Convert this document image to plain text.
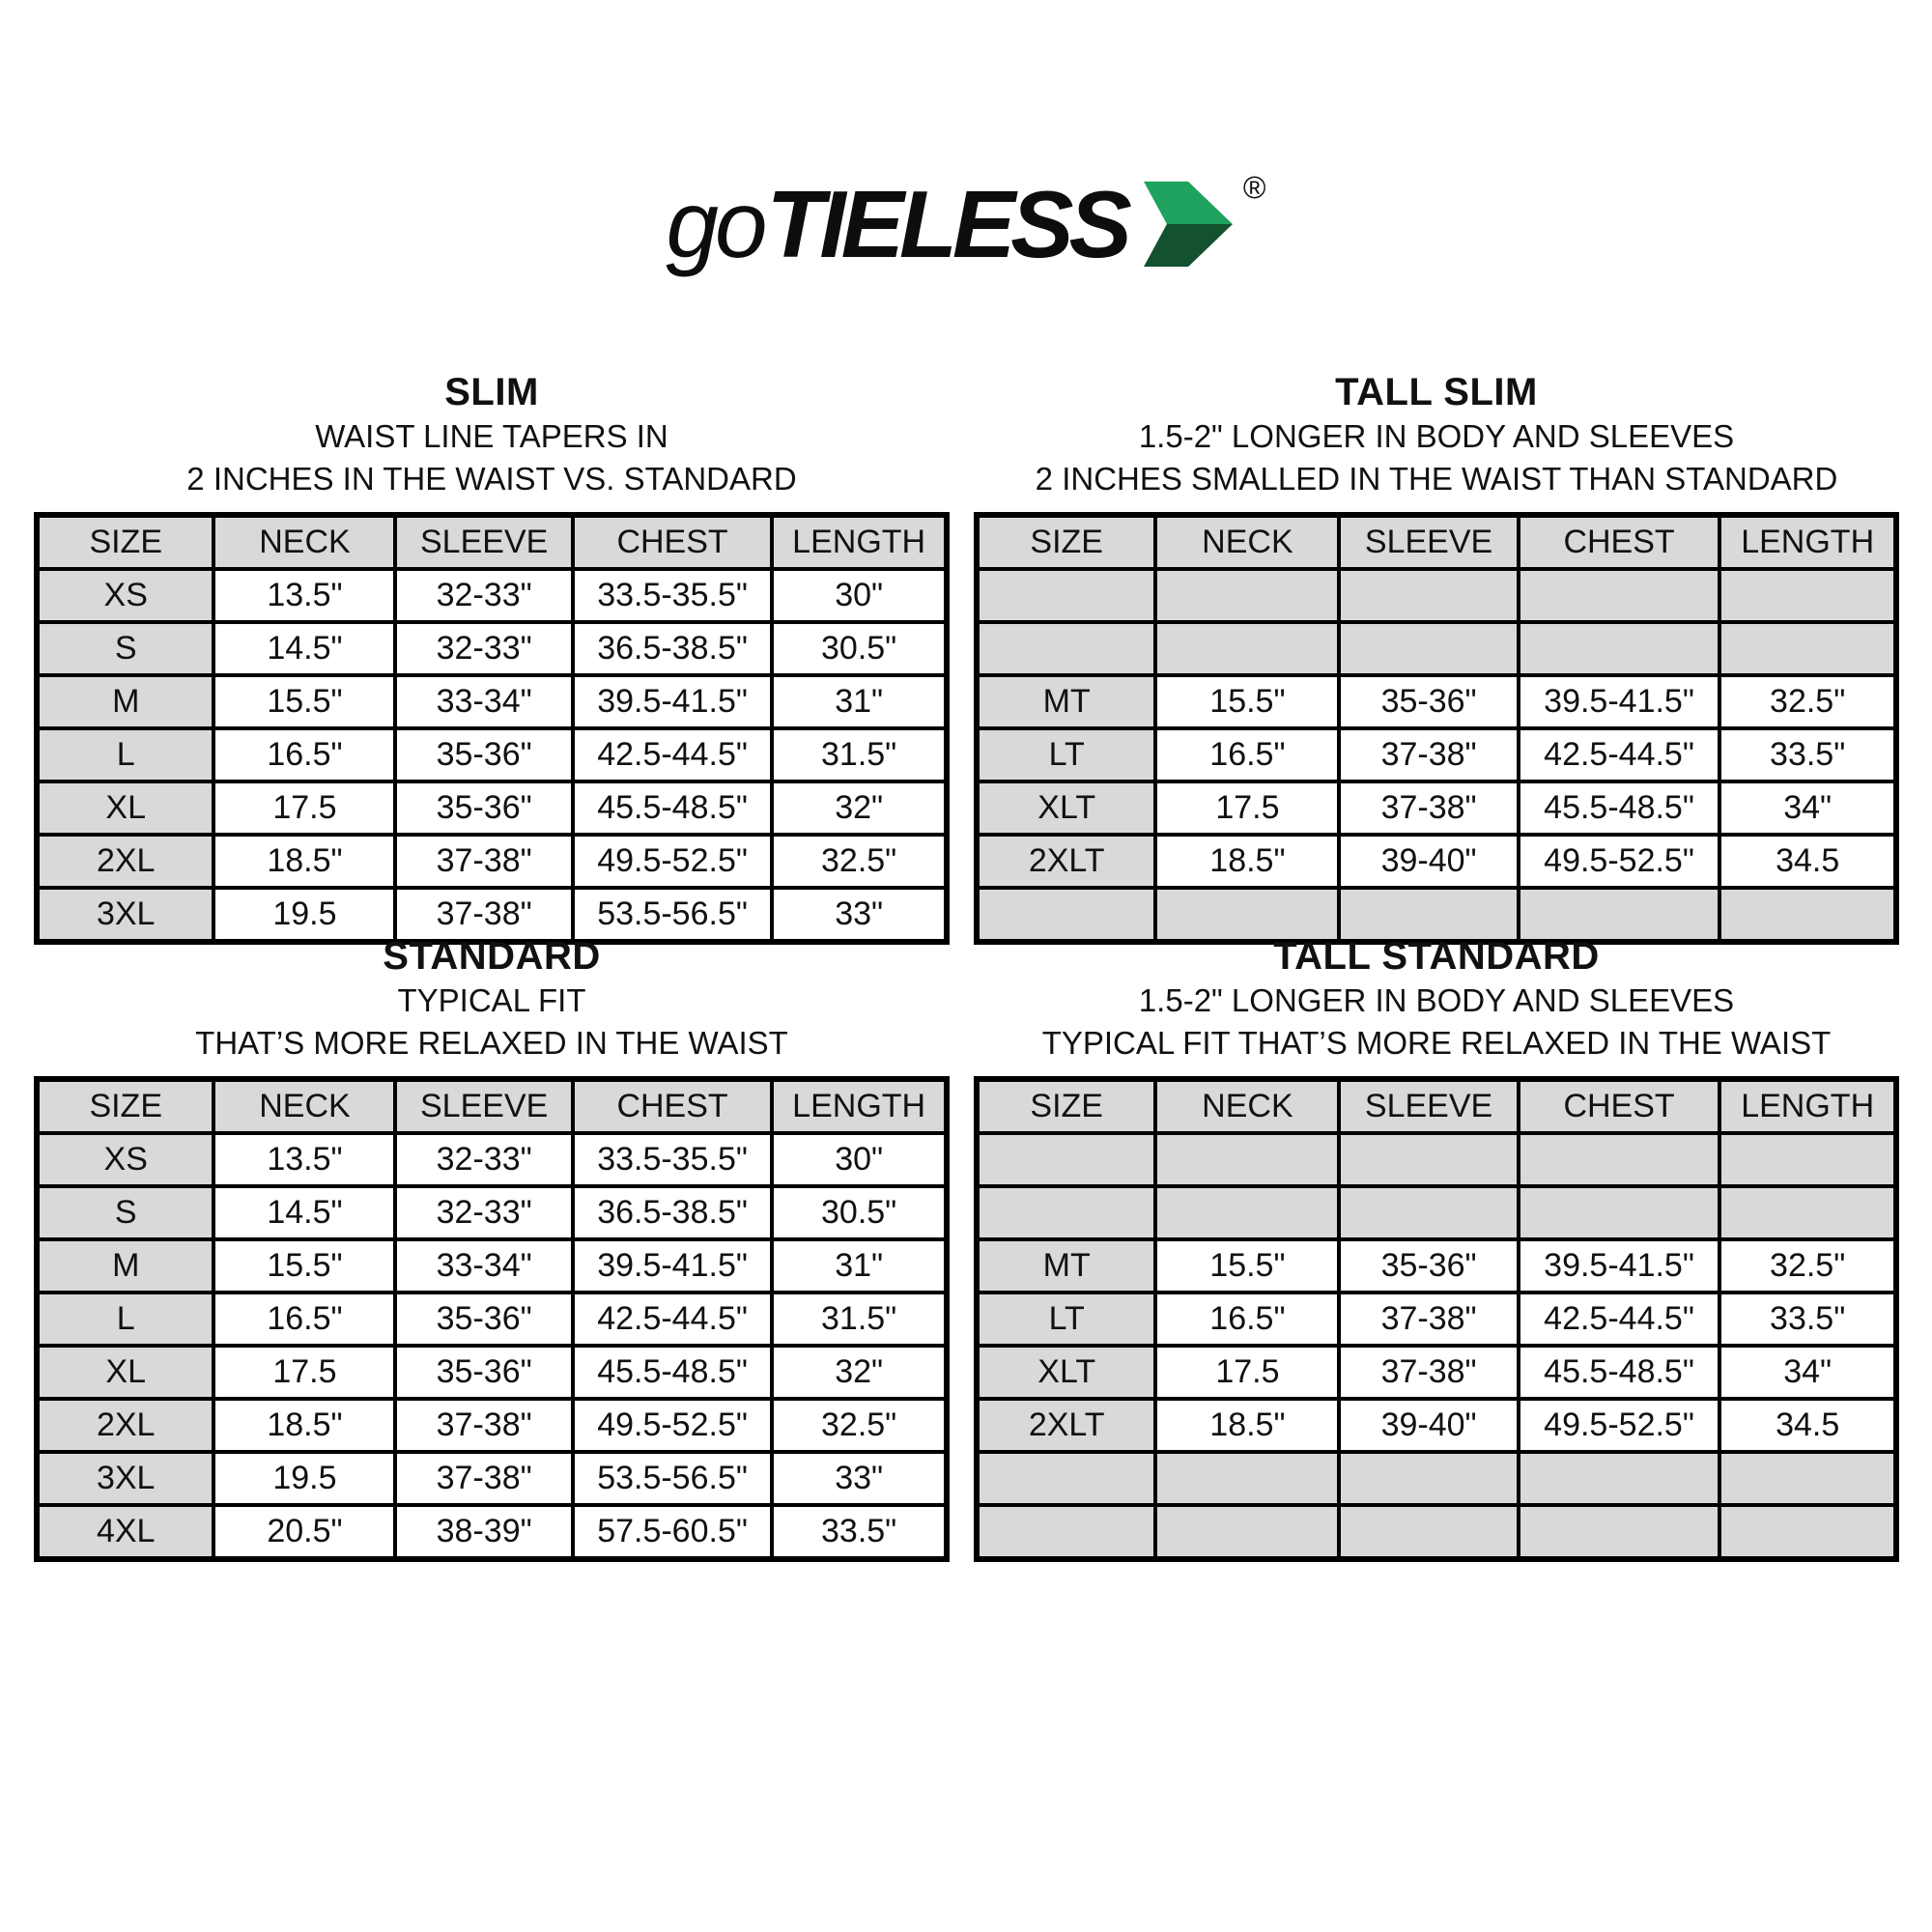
go TIELESS	®
SLIM

WAIST LINE TAPERS IN

2 INCHES IN THE WAIST VS. STANDARD

SIZE	NECK	SLEEVE	CHEST	LENGTH
XS	13.5"	32-33"	33.5-35.5"	30"
S	14.5"	32-33"	36.5-38.5"	30.5"
M	15.5"	33-34"	39.5-41.5"	31"
L	16.5"	35-36"	42.5-44.5"	31.5"
XL	17.5	35-36"	45.5-48.5"	32"
2XL	18.5"	37-38"	49.5-52.5"	32.5"
3XL	19.5	37-38"	53.5-56.5"	33"
TALL SLIM

1.5-2" LONGER IN BODY AND SLEEVES

2 INCHES SMALLED IN THE WAIST THAN STANDARD

SIZE	NECK	SLEEVE	CHEST	LENGTH

MT	15.5"	35-36"	39.5-41.5"	32.5"
LT	16.5"	37-38"	42.5-44.5"	33.5"
XLT	17.5	37-38"	45.5-48.5"	34"
2XLT	18.5"	39-40"	49.5-52.5"	34.5

STANDARD

TYPICAL FIT

THAT’S MORE RELAXED IN THE WAIST

SIZE	NECK	SLEEVE	CHEST	LENGTH
XS	13.5"	32-33"	33.5-35.5"	30"
S	14.5"	32-33"	36.5-38.5"	30.5"
M	15.5"	33-34"	39.5-41.5"	31"
L	16.5"	35-36"	42.5-44.5"	31.5"
XL	17.5	35-36"	45.5-48.5"	32"
2XL	18.5"	37-38"	49.5-52.5"	32.5"
3XL	19.5	37-38"	53.5-56.5"	33"
4XL	20.5"	38-39"	57.5-60.5"	33.5"
TALL STANDARD

1.5-2" LONGER IN BODY AND SLEEVES

TYPICAL FIT THAT’S MORE RELAXED IN THE WAIST

SIZE	NECK	SLEEVE	CHEST	LENGTH

MT	15.5"	35-36"	39.5-41.5"	32.5"
LT	16.5"	37-38"	42.5-44.5"	33.5"
XLT	17.5	37-38"	45.5-48.5"	34"
2XLT	18.5"	39-40"	49.5-52.5"	34.5
